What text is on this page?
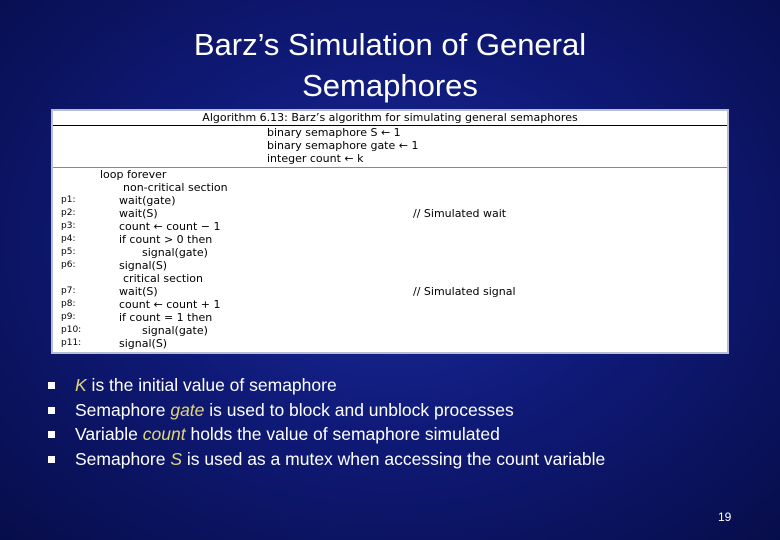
Barz’s Simulation of General
Semaphores
Algorithm 6.13: Barz’s algorithm for simulating general semaphores
binary semaphore S ← 1
binary semaphore gate ← 1
integer count ← k
loop forever
non-critical section
p1:	wait(gate)
p2:	wait(S)	// Simulated wait
p3:	count ← count − 1
p4:	if count > 0 then
p5:	signal(gate)
p6:	signal(S)
critical section
p7:	wait(S)	// Simulated signal
p8:	count ← count + 1
p9:	if count = 1 then
p10:	signal(gate)
p11:	signal(S)
K is the initial value of semaphore
Semaphore gate is used to block and unblock processes
Variable count holds the value of semaphore simulated
Semaphore S is used as a mutex when accessing the count variable
19
